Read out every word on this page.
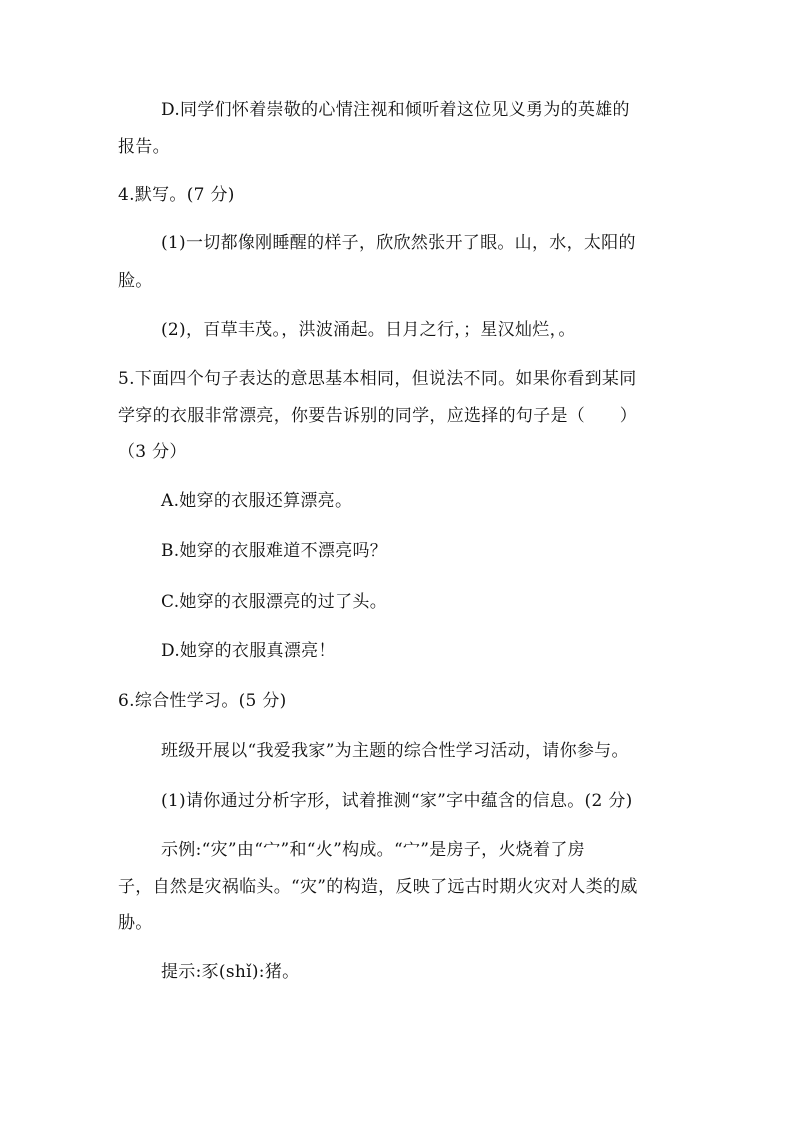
D.同学们怀着崇敬的心情注视和倾听着这位见义勇为的英雄的
报告。
4.默写。(7 分)
(1)一切都像刚睡醒的样子，欣欣然张开了眼。山，水，太阳的
脸。
(2)，百草丰茂。，洪波涌起。日月之行，；星汉灿烂，。
5.下面四个句子表达的意思基本相同，但说法不同。如果你看到某同
学穿的衣服非常漂亮，你要告诉别的同学，应选择的句子是（　　）
（3 分）
A.她穿的衣服还算漂亮。
B.她穿的衣服难道不漂亮吗？
C.她穿的衣服漂亮的过了头。
D.她穿的衣服真漂亮！
6.综合性学习。(5 分)
班级开展以“我爱我家”为主题的综合性学习活动，请你参与。
(1)请你通过分析字形，试着推测“家”字中蕴含的信息。(2 分)
示例:“灾”由“宀”和“火”构成。“宀”是房子，火烧着了房
子，自然是灾祸临头。“灾”的构造，反映了远古时期火灾对人类的威
胁。
提示:豕(shǐ):猪。
